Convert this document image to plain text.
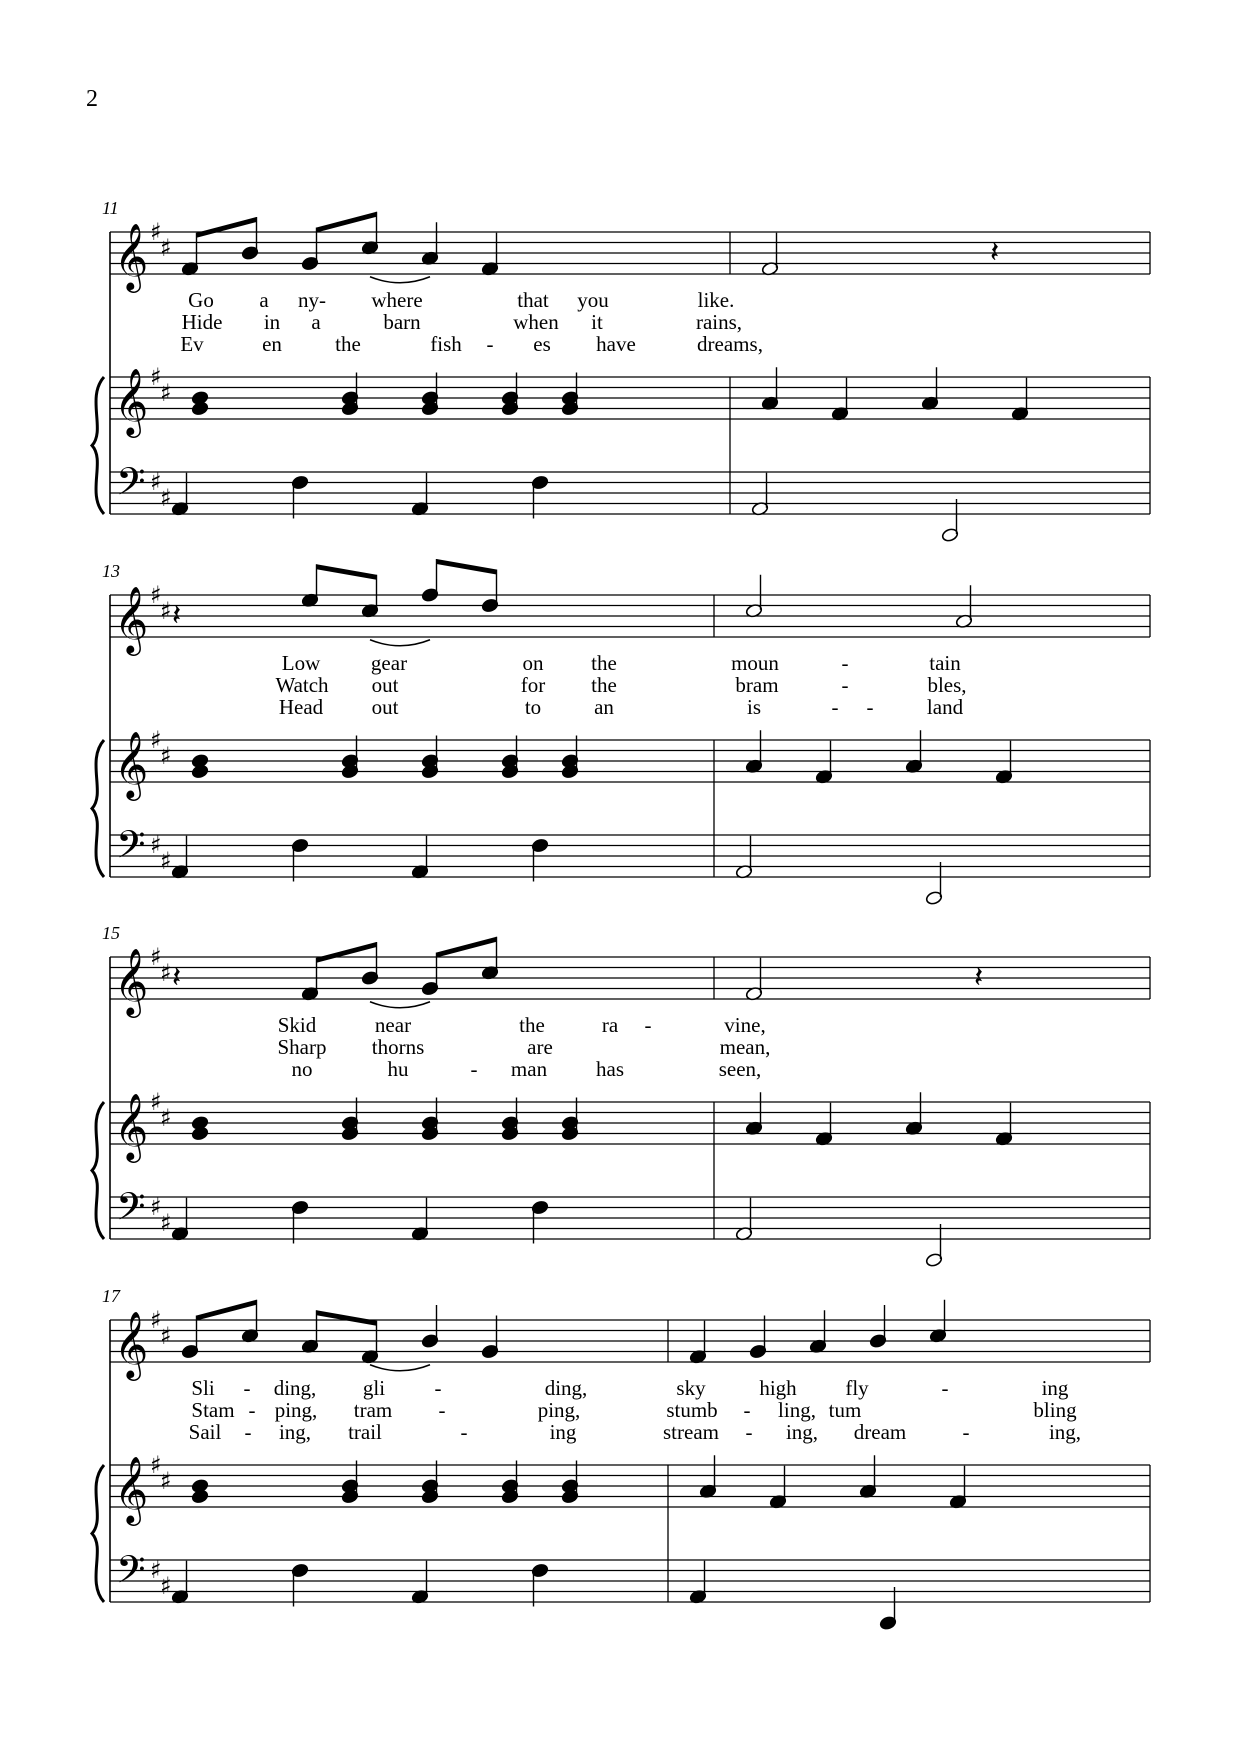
2
11
𝄞 ♯
♯
𝄞 ♯
♯
𝄢 ♯
♯
𝄽
Go a ny- where	that you	like.
Hide in a	barn	when it	rains,
Ev	en	the	fish - es have	dreams,
13
𝄞 ♯
♯
𝄞 ♯
♯
𝄢 ♯
♯
𝄽
Low gear	on the	moun	-	tain
Watch out	for the	bram	-	bles,
Head out	to	an	is	- -	land
15
𝄞 ♯
♯
𝄞 ♯
♯
𝄢 ♯
♯
𝄽	𝄽
Skid	near	the	ra -	vine,
Sharp thorns	are	mean,
no	hu	- man has	seen,
17
𝄞 ♯
♯
𝄞 ♯
♯
𝄢 ♯
♯
Sli - ding, gli -	ding,	sky	high fly	-	ing
Stam - ping, tram -	ping,	stumb - ling, tum	bling
Sail - ing, trail	-	ing	stream - ing, dream	-	ing,
